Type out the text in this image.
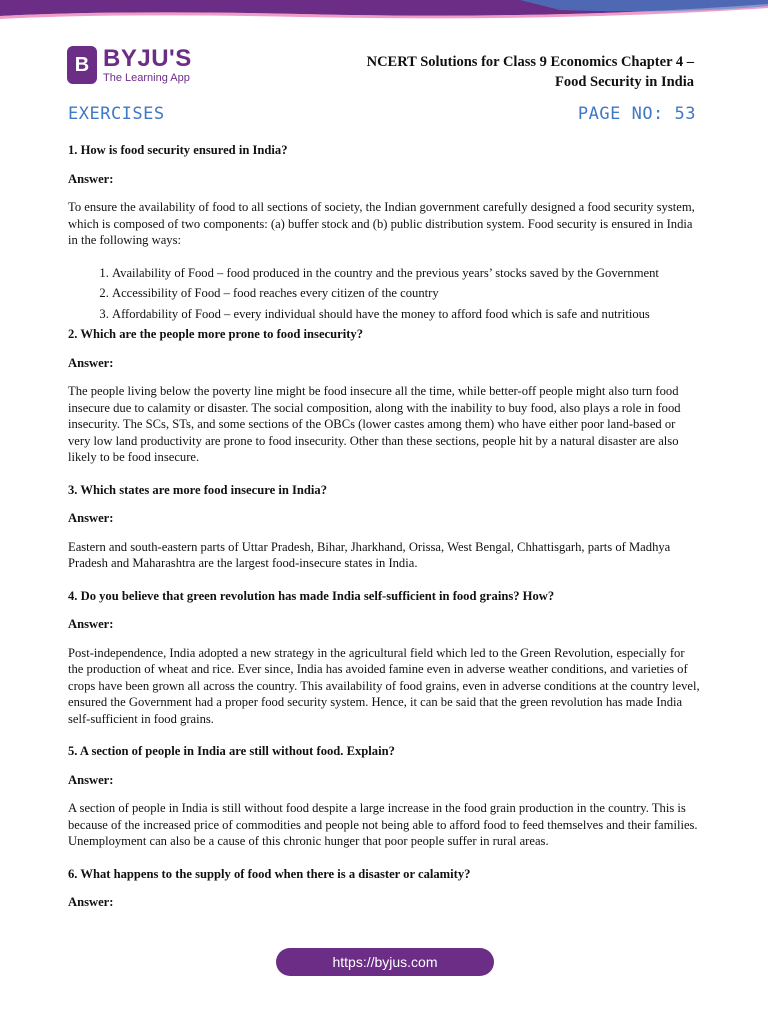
B BYJU'S
The Learning App
NCERT Solutions for Class 9 Economics Chapter 4 –
Food Security in India
EXERCISES	PAGE NO: 53

1. How is food security ensured in India?

Answer:

To ensure the availability of food to all sections of society, the Indian government carefully designed a food security system, which is composed of two components: (a) buffer stock and (b) public distribution system. Food security is ensured in India in the following ways:

1. Availability of Food – food produced in the country and the previous years’ stocks saved by the Government
2. Accessibility of Food – food reaches every citizen of the country
3. Affordability of Food – every individual should have the money to afford food which is safe and nutritious

2. Which are the people more prone to food insecurity?

Answer:

The people living below the poverty line might be food insecure all the time, while better-off people might also turn food insecure due to calamity or disaster. The social composition, along with the inability to buy food, also plays a role in food insecurity. The SCs, STs, and some sections of the OBCs (lower castes among them) who have either poor land-based or very low land productivity are prone to food insecurity. Other than these sections, people hit by a natural disaster are also likely to be food insecure.

3. Which states are more food insecure in India?

Answer:

Eastern and south-eastern parts of Uttar Pradesh, Bihar, Jharkhand, Orissa, West Bengal, Chhattisgarh, parts of Madhya Pradesh and Maharashtra are the largest food-insecure states in India.

4. Do you believe that green revolution has made India self-sufficient in food grains? How?

Answer:

Post-independence, India adopted a new strategy in the agricultural field which led to the Green Revolution, especially for the production of wheat and rice. Ever since, India has avoided famine even in adverse weather conditions, and varieties of crops have been grown all across the country. This availability of food grains, even in adverse conditions at the country level, ensured the Government had a proper food security system. Hence, it can be said that the green revolution has made India self-sufficient in food grains.

5. A section of people in India are still without food. Explain?

Answer:

A section of people in India is still without food despite a large increase in the food grain production in the country. This is because of the increased price of commodities and people not being able to afford food to feed themselves and their families. Unemployment can also be a cause of this chronic hunger that poor people suffer in rural areas.

6. What happens to the supply of food when there is a disaster or calamity?

Answer:

https://byjus.com
